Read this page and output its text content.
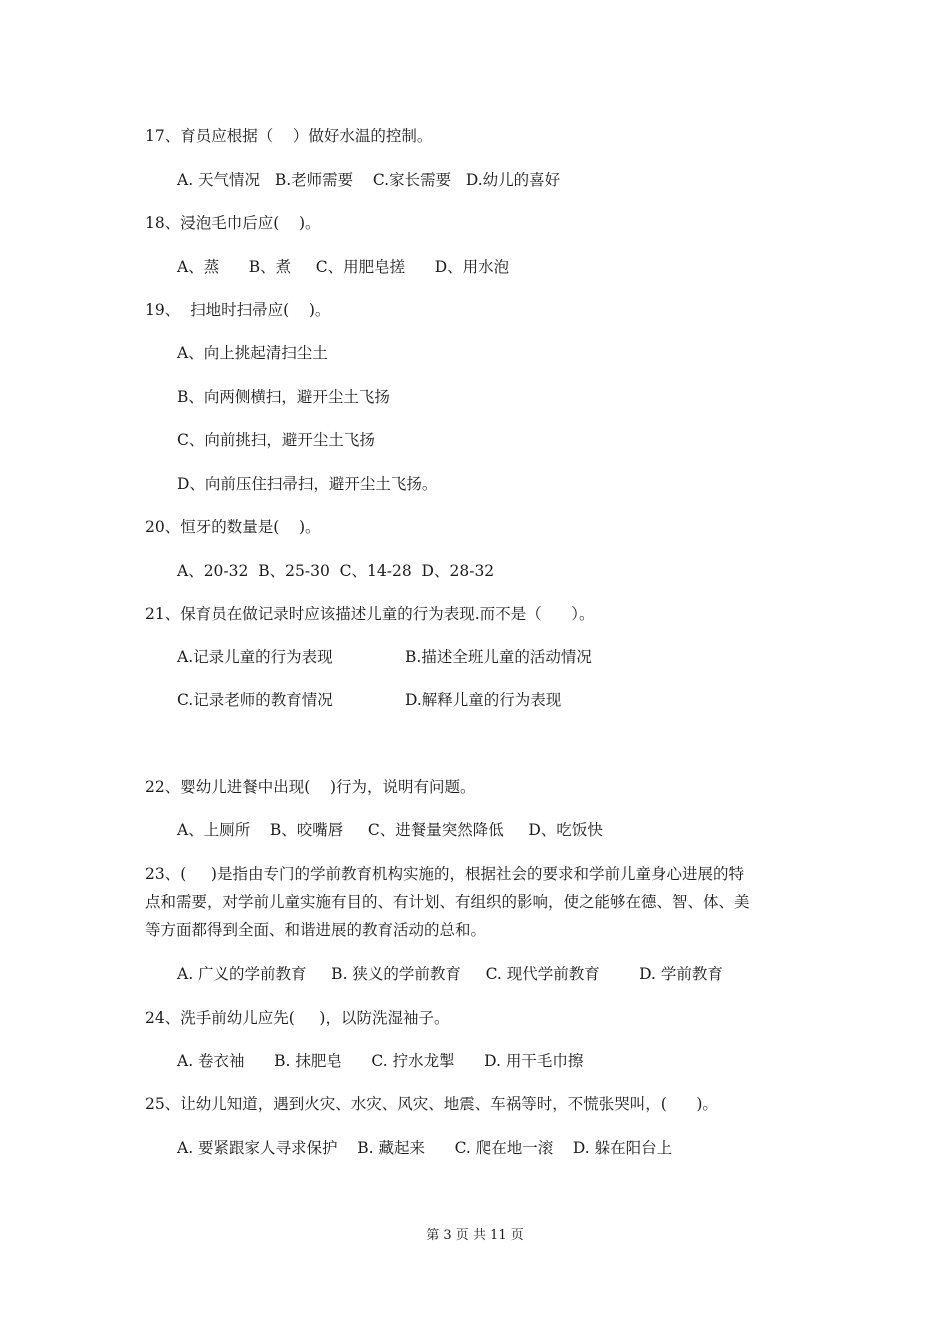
17、育员应根据（    ）做好水温的控制。
A. 天气情况   B.老师需要    C.家长需要   D.幼儿的喜好
18、浸泡毛巾后应(    )。
A、蒸      B、煮     C、用肥皂搓      D、用水泡
19、  扫地时扫帚应(    )。
A、向上挑起清扫尘土
B、向两侧横扫，避开尘土飞扬
C、向前挑扫，避开尘土飞扬
D、向前压住扫帚扫，避开尘土飞扬。
20、恒牙的数量是(    )。
A、20-32  B、25-30  C、14-28  D、28-32
21、保育员在做记录时应该描述儿童的行为表现.而不是（      ）。
A.记录儿童的行为表现	B.描述全班儿童的活动情况
C.记录老师的教育情况	D.解释儿童的行为表现
22、婴幼儿进餐中出现(    )行为，说明有问题。
A、上厕所    B、咬嘴唇     C、进餐量突然降低     D、吃饭快
23、(     )是指由专门的学前教育机构实施的，根据社会的要求和学前儿童身心进展的特
点和需要，对学前儿童实施有目的、有计划、有组织的影响，使之能够在德、智、体、美
等方面都得到全面、和谐进展的教育活动的总和。
A. 广义的学前教育     B. 狭义的学前教育     C. 现代学前教育        D. 学前教育
24、洗手前幼儿应先(     )，以防洗湿袖子。
A. 卷衣袖      B. 抹肥皂      C. 拧水龙掣      D. 用干毛巾擦
25、让幼儿知道，遇到火灾、水灾、风灾、地震、车祸等时，不慌张哭叫，(      )。
A. 要紧跟家人寻求保护    B. 藏起来      C. 爬在地一滚    D. 躲在阳台上
第 3 页 共 11 页
